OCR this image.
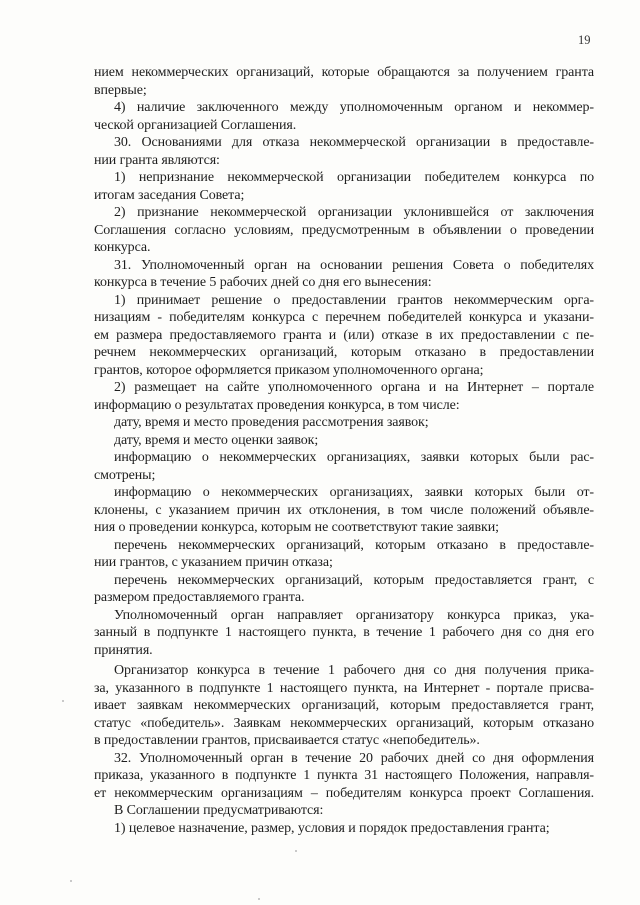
19
нием некоммерческих организаций, которые обращаются за получением гранта
впервые;
4) наличие заключенного между уполномоченным органом и некоммер-
ческой организацией Соглашения.
30. Основаниями для отказа некоммерческой организации в предоставле-
нии гранта являются:
1) непризнание некоммерческой организации победителем конкурса по
итогам заседания Совета;
2) признание некоммерческой организации уклонившейся от заключения
Соглашения согласно условиям, предусмотренным в объявлении о проведении
конкурса.
31. Уполномоченный орган на основании решения Совета о победителях
конкурса в течение 5 рабочих дней со дня его вынесения:
1) принимает решение о предоставлении грантов некоммерческим орга-
низациям - победителям конкурса с перечнем победителей конкурса и указани-
ем размера предоставляемого гранта и (или) отказе в их предоставлении с пе-
речнем некоммерческих организаций, которым отказано в предоставлении
грантов, которое оформляется приказом уполномоченного органа;
2) размещает на сайте уполномоченного органа и на Интернет – портале
информацию о результатах проведения конкурса, в том числе:
дату, время и место проведения рассмотрения заявок;
дату, время и место оценки заявок;
информацию о некоммерческих организациях, заявки которых были рас-
смотрены;
информацию о некоммерческих организациях, заявки которых были от-
клонены, с указанием причин их отклонения, в том числе положений объявле-
ния о проведении конкурса, которым не соответствуют такие заявки;
перечень некоммерческих организаций, которым отказано в предоставле-
нии грантов, с указанием причин отказа;
перечень некоммерческих организаций, которым предоставляется грант, с
размером предоставляемого гранта.
Уполномоченный орган направляет организатору конкурса приказ, ука-
занный в подпункте 1 настоящего пункта, в течение 1 рабочего дня со дня его
принятия.
Организатор конкурса в течение 1 рабочего дня со дня получения прика-
за, указанного в подпункте 1 настоящего пункта, на Интернет - портале присва-
ивает заявкам некоммерческих организаций, которым предоставляется грант,
статус «победитель». Заявкам некоммерческих организаций, которым отказано
в предоставлении грантов, присваивается статус «непобедитель».
32. Уполномоченный орган в течение 20 рабочих дней со дня оформления
приказа, указанного в подпункте 1 пункта 31 настоящего Положения, направля-
ет некоммерческим организациям – победителям конкурса проект Соглашения.
В Соглашении предусматриваются:
1) целевое назначение, размер, условия и порядок предоставления гранта;
